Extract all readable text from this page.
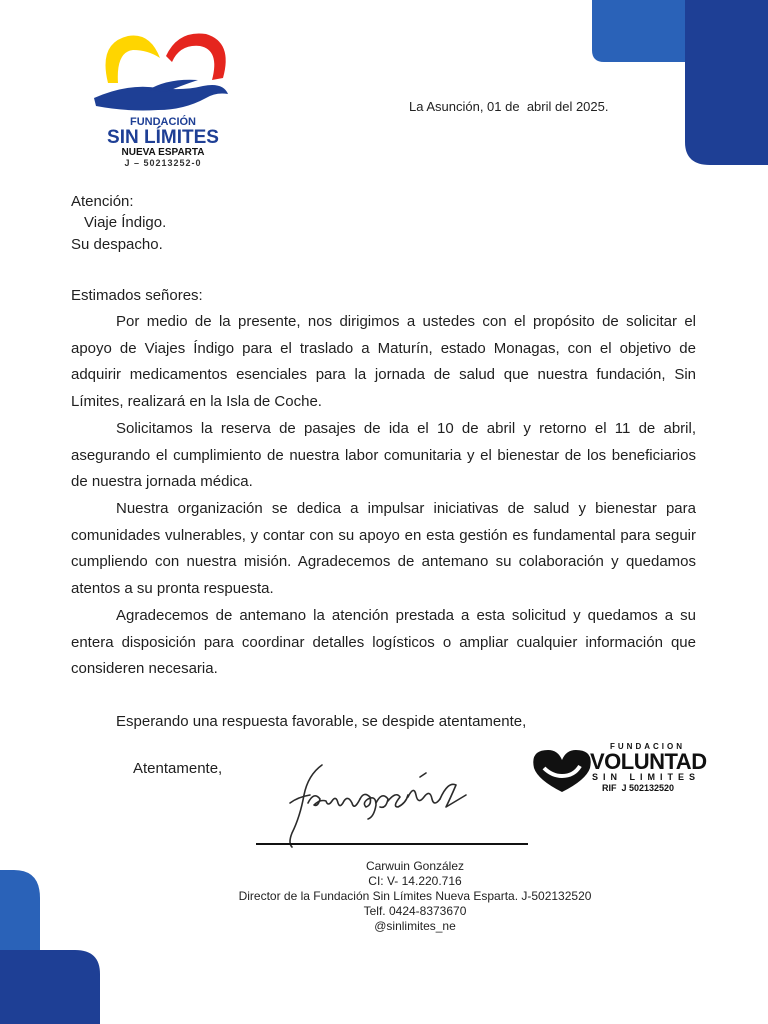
FUNDACIÓN
SIN LÍMITES
NUEVA ESPARTA
J – 50213252-0
La Asunción, 01 de  abril del 2025.
Atención:
Viaje Índigo.
Su despacho.
Estimados señores:

Por medio de la presente, nos dirigimos a ustedes con el propósito de solicitar el apoyo de Viajes Índigo para el traslado a Maturín, estado Monagas, con el objetivo de adquirir medicamentos esenciales para la jornada de salud que nuestra fundación, Sin Límites, realizará en la Isla de Coche.

Solicitamos la reserva de pasajes de ida el 10 de abril y retorno el 11 de abril, asegurando el cumplimiento de nuestra labor comunitaria y el bienestar de los beneficiarios de nuestra jornada médica.

Nuestra organización se dedica a impulsar iniciativas de salud y bienestar para comunidades vulnerables, y contar con su apoyo en esta gestión es fundamental para seguir cumpliendo con nuestra misión. Agradecemos de antemano su colaboración y quedamos atentos a su pronta respuesta.

Agradecemos de antemano la atención prestada a esta solicitud y quedamos a su entera disposición para coordinar detalles logísticos o ampliar cualquier información que consideren necesaria.

Esperando una respuesta favorable, se despide atentamente,
Atentamente,
FUNDACION
VOLUNTAD
SIN LIMITES
RIF  J 502132520
Carwuin González
CI: V- 14.220.716
Director de la Fundación Sin Límites Nueva Esparta. J-502132520
Telf. 0424-8373670
@sinlimites_ne
